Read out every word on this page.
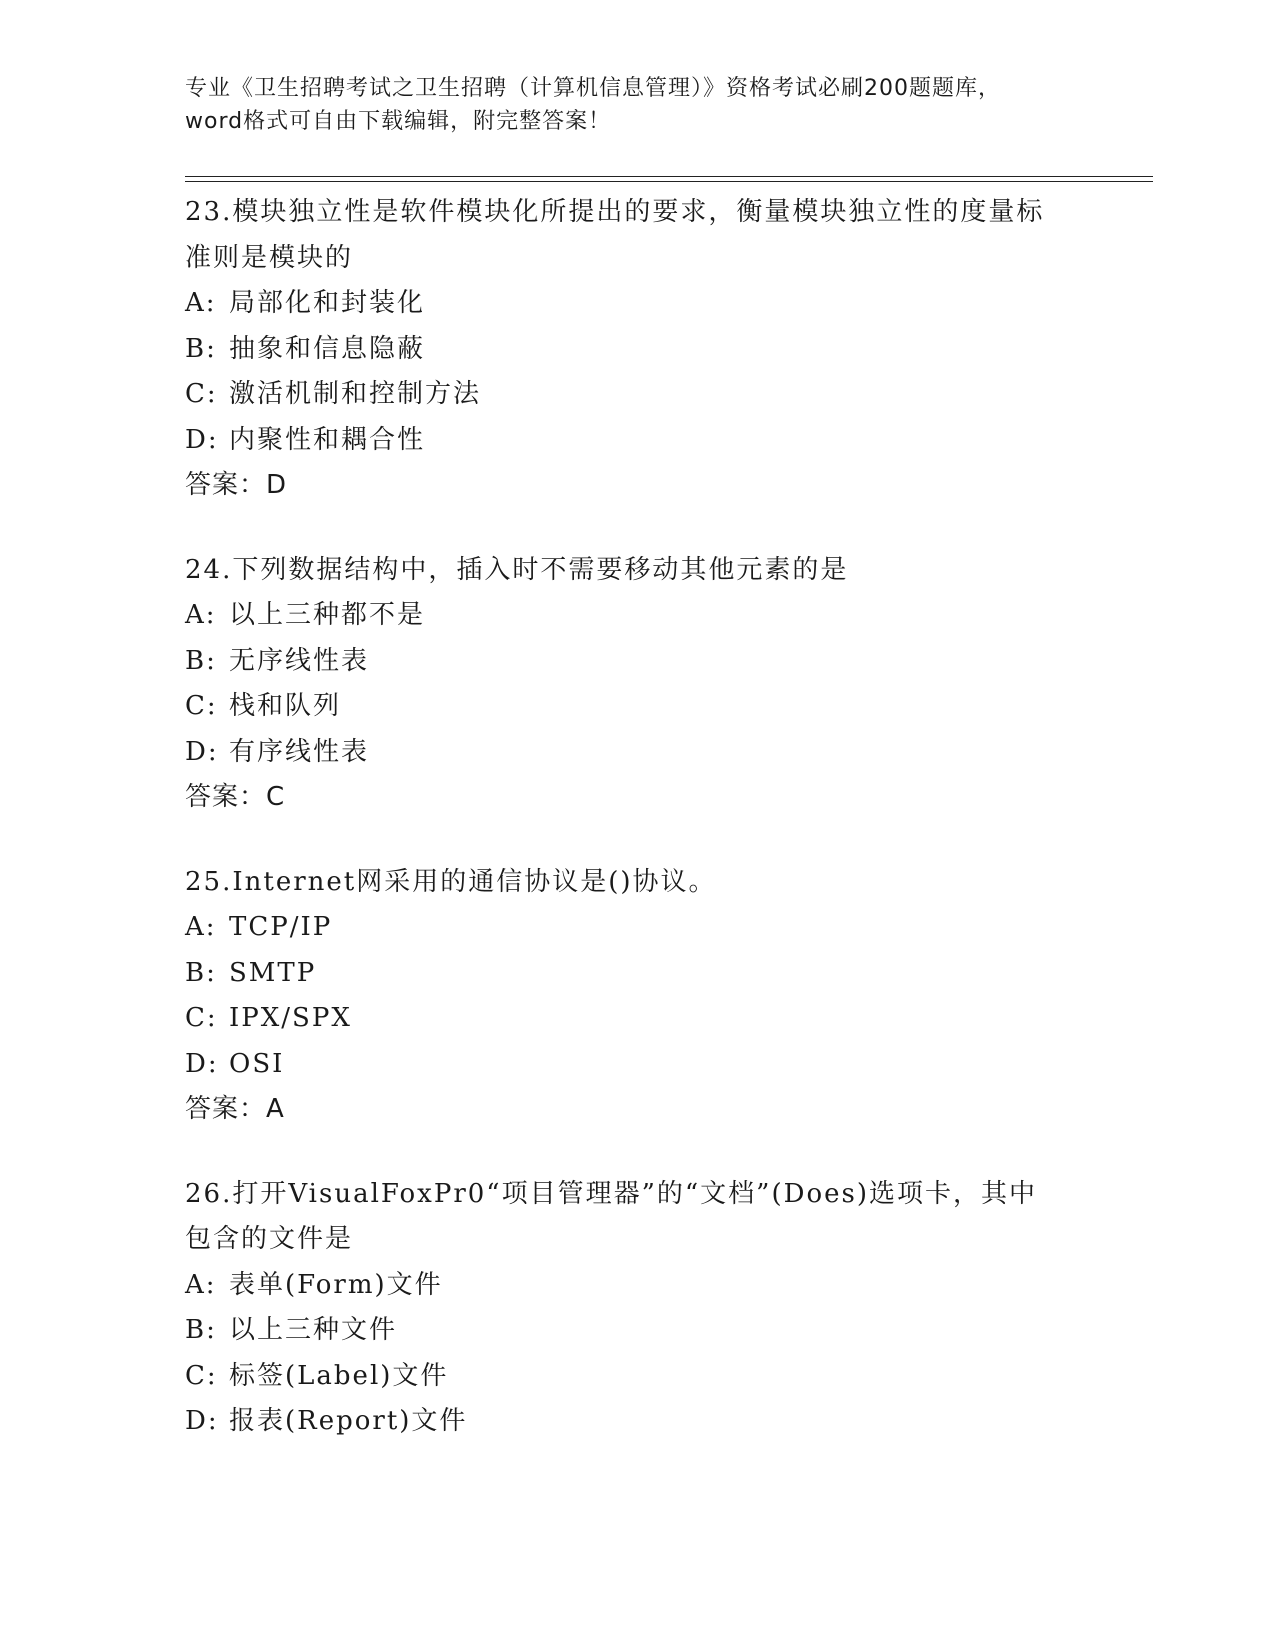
专业《卫生招聘考试之卫生招聘（计算机信息管理）》资格考试必刷200题题库，
word格式可自由下载编辑，附完整答案！
23.模块独立性是软件模块化所提出的要求，衡量模块独立性的度量标
准则是模块的
A: 局部化和封装化
B: 抽象和信息隐蔽
C: 激活机制和控制方法
D: 内聚性和耦合性
答案：D
24.下列数据结构中，插入时不需要移动其他元素的是
A: 以上三种都不是
B: 无序线性表
C: 栈和队列
D: 有序线性表
答案：C
25.Internet网采用的通信协议是()协议。
A: TCP/IP
B: SMTP
C: IPX/SPX
D: OSI
答案：A
26.打开VisualFoxPr0“项目管理器”的“文档”(Does)选项卡，其中
包含的文件是
A: 表单(Form)文件
B: 以上三种文件
C: 标签(Label)文件
D: 报表(Report)文件
